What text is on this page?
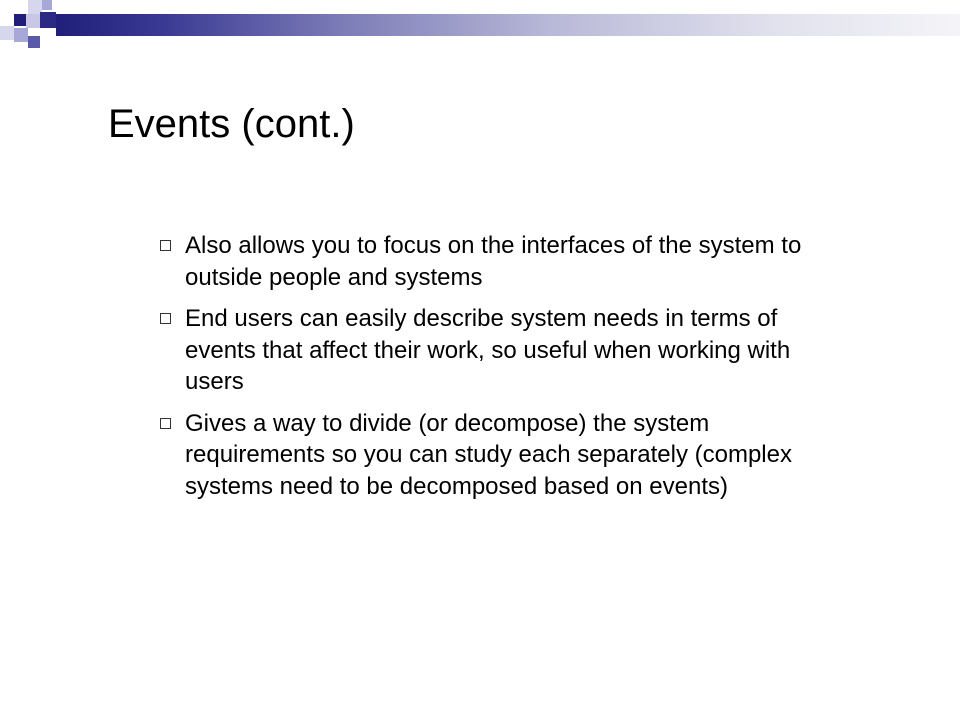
Events (cont.)
Also allows you to focus on the interfaces of the system to outside people and systems
End users can easily describe system needs in terms of events that affect their work, so useful when working with users
Gives a way to divide (or decompose) the system requirements so you can study each separately (complex systems need to be decomposed based on events)
